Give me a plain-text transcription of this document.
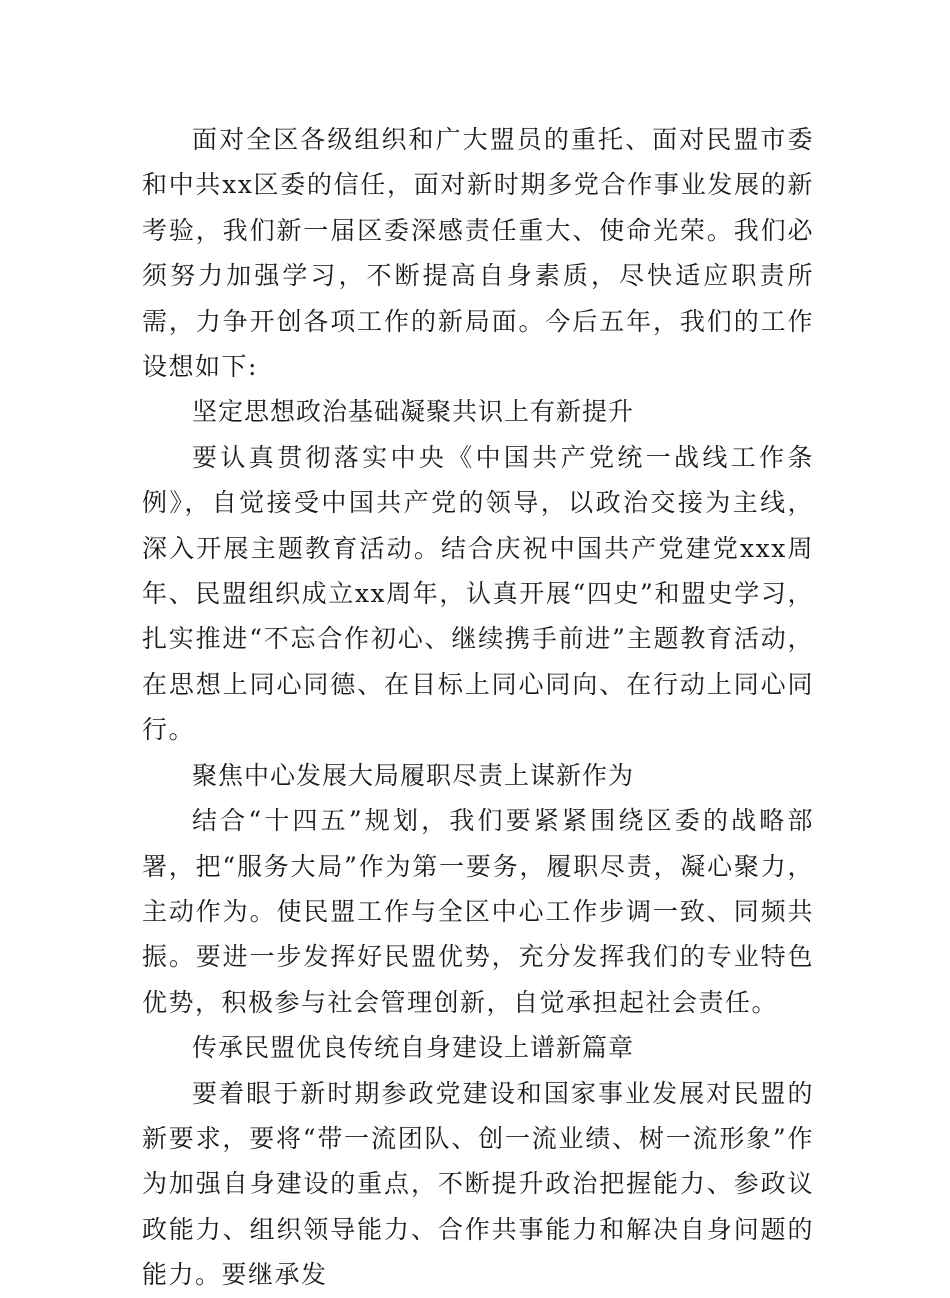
面对全区各级组织和广大盟员的重托、面对民盟市委和中共xx区委的信任，面对新时期多党合作事业发展的新考验，我们新一届区委深感责任重大、使命光荣。我们必须努力加强学习，不断提高自身素质，尽快适应职责所需，力争开创各项工作的新局面。今后五年，我们的工作设想如下:

坚定思想政治基础凝聚共识上有新提升

要认真贯彻落实中央《中国共产党统一战线工作条例》，自觉接受中国共产党的领导，以政治交接为主线，深入开展主题教育活动。结合庆祝中国共产党建党xxx周年、民盟组织成立xx周年，认真开展“四史”和盟史学习，扎实推进“不忘合作初心、继续携手前进”主题教育活动，在思想上同心同德、在目标上同心同向、在行动上同心同行。

聚焦中心发展大局履职尽责上谋新作为

结合“十四五”规划，我们要紧紧围绕区委的战略部署，把“服务大局”作为第一要务，履职尽责，凝心聚力，主动作为。使民盟工作与全区中心工作步调一致、同频共振。要进一步发挥好民盟优势，充分发挥我们的专业特色优势，积极参与社会管理创新，自觉承担起社会责任。

传承民盟优良传统自身建设上谱新篇章

要着眼于新时期参政党建设和国家事业发展对民盟的新要求，要将“带一流团队、创一流业绩、树一流形象”作为加强自身建设的重点，不断提升政治把握能力、参政议政能力、组织领导能力、合作共事能力和解决自身问题的能力。要继承发
